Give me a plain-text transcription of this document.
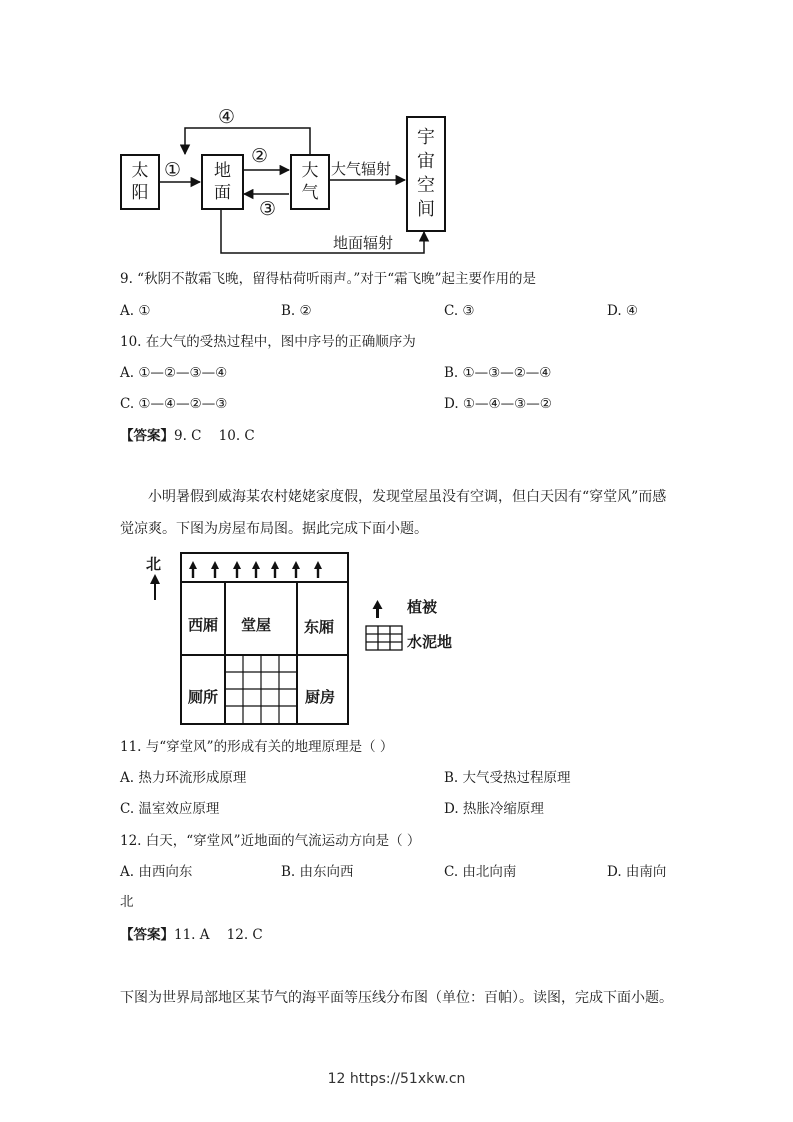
太阳
地面
大气
宇宙空间
①
②
③
④
大气辐射
地面辐射
9. “秋阴不散霜飞晚，留得枯荷听雨声。”对于“霜飞晚”起主要作用的是
A. ①	B. ②	C. ③	D. ④
10. 在大气的受热过程中，图中序号的正确顺序为
A. ①—②—③—④	B. ①—③—②—④
C. ①—④—②—③	D. ①—④—③—②
【答案】9. C    10. C
小明暑假到威海某农村姥姥家度假，发现堂屋虽没有空调，但白天因有“穿堂风”而感觉凉爽。下图为房屋布局图。据此完成下面小题。
北
西厢 堂屋 东厢
厕所	厨房
植被
水泥地
11. 与“穿堂风”的形成有关的地理原理是（ ）
A. 热力环流形成原理	B. 大气受热过程原理
C. 温室效应原理	D. 热胀冷缩原理
12. 白天，“穿堂风”近地面的气流运动方向是（ ）
A. 由西向东	B. 由东向西	C. 由北向南	D. 由南向
北
【答案】11. A    12. C
下图为世界局部地区某节气的海平面等压线分布图（单位：百帕）。读图，完成下面小题。
12 https://51xkw.cn
